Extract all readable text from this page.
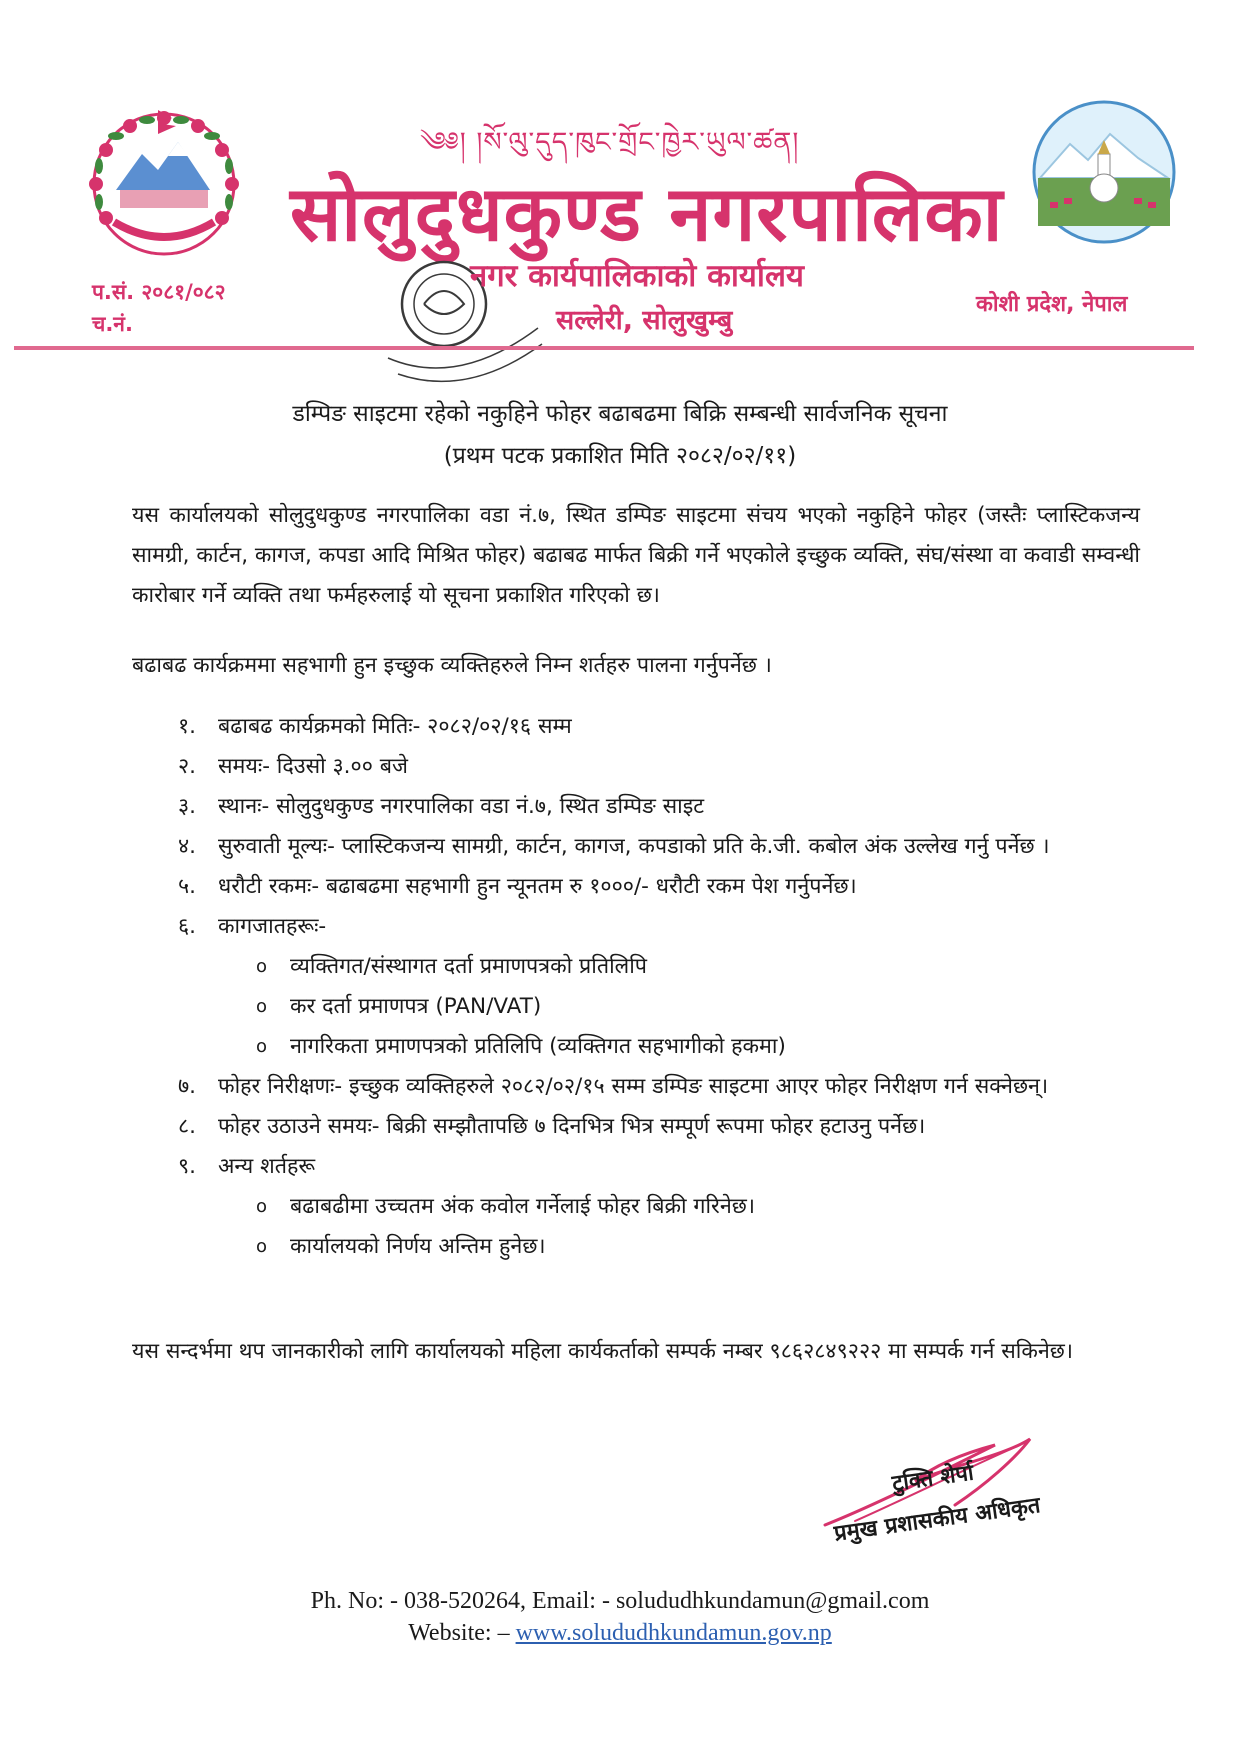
༄༅། །སོ་ལུ་དུད་ཁུང་གྲོང་ཁྱེར་ཡུལ་ཚན།
सोलुदुधकुण्ड नगरपालिका
नगर कार्यपालिकाको कार्यालय
सल्लेरी, सोलुखुम्बु
प.सं. २०८१/०८२
च.नं.
कोशी प्रदेश, नेपाल
डम्पिङ साइटमा रहेको नकुहिने फोहर बढाबढमा बिक्रि सम्बन्धी सार्वजनिक सूचना
(प्रथम पटक प्रकाशित मिति २०८२/०२/११)
यस कार्यालयको सोलुदुधकुण्ड नगरपालिका वडा नं.७, स्थित डम्पिङ साइटमा संचय भएको नकुहिने फोहर (जस्तैः प्लास्टिकजन्य सामग्री, कार्टन, कागज, कपडा आदि मिश्रित फोहर) बढाबढ मार्फत बिक्री गर्ने भएकोले इच्छुक व्यक्ति, संघ/संस्था वा कवाडी सम्वन्धी कारोबार गर्ने व्यक्ति तथा फर्महरुलाई यो सूचना प्रकाशित गरिएको छ।
बढाबढ कार्यक्रममा सहभागी हुन इच्छुक व्यक्तिहरुले निम्न शर्तहरु पालना गर्नुपर्नेछ ।
१. बढाबढ कार्यक्रमको मितिः- २०८२/०२/१६ सम्म
२. समयः- दिउसो ३.०० बजे
३. स्थानः- सोलुदुधकुण्ड नगरपालिका वडा नं.७, स्थित डम्पिङ साइट
४. सुरुवाती मूल्यः- प्लास्टिकजन्य सामग्री, कार्टन, कागज, कपडाको प्रति के.जी. कबोल अंक उल्लेख गर्नु पर्नेछ ।
५. धरौटी रकमः- बढाबढमा सहभागी हुन न्यूनतम रु १०००/- धरौटी रकम पेश गर्नुपर्नेछ।
६. कागजातहरूः-
o व्यक्तिगत/संस्थागत दर्ता प्रमाणपत्रको प्रतिलिपि
o कर दर्ता प्रमाणपत्र (PAN/VAT)
o नागरिकता प्रमाणपत्रको प्रतिलिपि (व्यक्तिगत सहभागीको हकमा)
७. फोहर निरीक्षणः- इच्छुक व्यक्तिहरुले २०८२/०२/१५ सम्म डम्पिङ साइटमा आएर फोहर निरीक्षण गर्न सक्नेछन्।
८. फोहर उठाउने समयः- बिक्री सम्झौतापछि ७ दिनभित्र भित्र सम्पूर्ण रूपमा फोहर हटाउनु पर्नेछ।
९. अन्य शर्तहरू
o बढाबढीमा उच्चतम अंक कवोल गर्नेलाई फोहर बिक्री गरिनेछ।
o कार्यालयको निर्णय अन्तिम हुनेछ।
यस सन्दर्भमा थप जानकारीको लागि कार्यालयको महिला कार्यकर्ताको सम्पर्क नम्बर ९८६२८४९२२२ मा सम्पर्क गर्न सकिनेछ।
टुक्ति शेर्पा
प्रमुख प्रशासकीय अधिकृत
Ph. No: - 038-520264, Email: - solududhkundamun@gmail.com
Website: – www.solududhkundamun.gov.np
